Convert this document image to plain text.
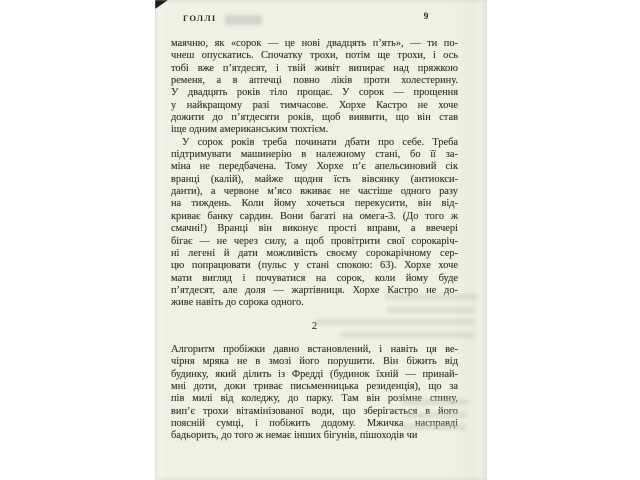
ГОЛЛІ	9
маячню, як «сорок — це нові двадцять п’ять», — ти по-
чнеш опускатись. Спочатку трохи, потім ще трохи, і ось
тобі вже п’ятдесят, і твій живіт випирає над пряжкою
ременя, а в аптечці повно ліків проти холестерину.
У двадцять років тіло прощає. У сорок — прощення
у найкращому разі тимчасове. Хорхе Кастро не хоче
дожити до п’ятдесяти років, щоб виявити, що він став
іще одним американським тюхтієм.
У сорок років треба починати дбати про себе. Треба
підтримувати машинерію в належному стані, бо її за-
міна не передбачена. Тому Хорхе п’є апельсиновий сік
вранці (калій), майже щодня їсть вівсянку (антиокси-
данти), а червоне м’ясо вживає не частіше одного разу
на тиждень. Коли йому хочеться перекусити, він від-
криває банку сардин. Вони багаті на омега-3. (До того ж
смачні!) Вранці він виконує прості вправи, а ввечері
бігає — не через силу, а щоб провітрити свої сорокаріч-
ні легені й дати можливість своєму сорокарічному сер-
цю попрацювати (пульс у стані спокою: 63). Хорхе хоче
мати вигляд і почуватися на сорок, коли йому буде
п’ятдесят, але доля — жартівниця. Хорхе Кастро не до-
живе навіть до сорока одного.
2
Алгоритм пробіжки давно встановлений, і навіть ця ве-
чірня мряка не в змозі його порушити. Він біжить від
будинку, який ділить із Фредді (будинок їхній — принай-
мні доти, доки триває письменницька резиденція), що за
пів милі від коледжу, до парку. Там він розімне спину,
вип’є трохи вітамінізованої води, що зберігається в його
поясній сумці, і побіжить додому. Мжичка насправді
бадьорить, до того ж немає інших бігунів, пішоходів чи
